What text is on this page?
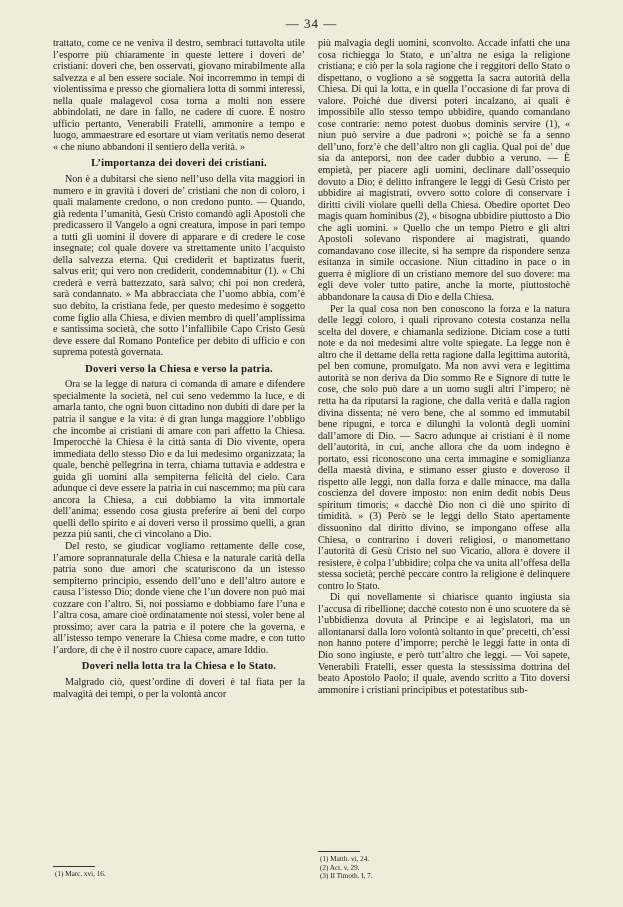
— 34 —

trattato, come ce ne veniva il destro, sembraci tuttavolta utile l’esporre più chiaramente in queste lettere i doveri de’ cristiani: doveri che, ben osservati, giovano mirabilmente alla salvezza e al ben essere sociale. Noi incorremmo in tempi di violentissima e presso che giornaliera lotta di sommi interessi, nella quale malagevol cosa torna a molti non essere abbindolati, ne dare in fallo, ne cadere di cuore. È nostro ufficio pertanto, Venerabili Fratelli, ammonire a tempo e luogo, ammaestrare ed esortare ut viam veritatis nemo deserat « che niuno abbandoni il sentiero della verità. »

L’importanza dei doveri dei cristiani.

Non è a dubitarsi che sieno nell’uso della vita maggiori in numero e in gravità i doveri de’ cristiani che non di coloro, i quali malamente credono, o non credono punto. — Quando, già redenta l’umanità, Gesù Cristo comandò agli Apostoli che predicassero il Vangelo a ogni creatura, impose in pari tempo a tutti gli uomini il dovere di apparare e di credere le cose insegnate; col quale dovere va strettamente unito l’acquisto della salvezza eterna. Qui crediderit et baptizatus fuerit, salvus erit; qui vero non crediderit, condemnabitur (1). « Chi crederà e verrà battezzato, sarà salvo; chi poi non crederà, sarà condannato. » Ma abbracciata che l’uomo abbia, com’è suo debito, la cristiana fede, per questo medesimo è soggetto come figlio alla Chiesa, e divien membro di quell’amplissima e santissima società, che sotto l’infallibile Capo Cristo Gesù deve essere dal Romano Pontefice per debito di ufficio e con suprema potestà governata.

Doveri verso la Chiesa e verso la patria.

Ora se la legge di natura ci comanda di amare e difendere specialmente la società, nel cui seno vedemmo la luce, e di amarla tanto, che ogni buon cittadino non dubiti di dare per la patria il sangue e la vita: è di gran lunga maggiore l’obbligo che incombe ai cristiani di amare con pari affetto la Chiesa. Imperocchè la Chiesa è la città santa di Dio vivente, opera immediata dello stesso Dio e da lui medesimo organizzata; la quale, benchè pellegrina in terra, chiama tuttavia e addestra e guida gli uomini alla sempiterna felicità del cielo. Cara adunque ci deve essere la patria in cui nascemmo; ma più cara ancora la Chiesa, a cui dobbiamo la vita immortale dell’anima; essendo cosa giusta preferire ai beni del corpo quelli dello spirito e ai doveri verso il prossimo quelli, a gran pezza più santi, che ci vincolano a Dio.

Del resto, se giudicar vogliamo rettamente delle cose, l’amore soprannaturale della Chiesa e la naturale carità della patria sono due amori che scaturiscono da un istesso sempiterno principio, essendo dell’uno e dell’altro autore e causa l’istesso Dio; donde viene che l’un dovere non può mai cozzare con l’altro. Sì, noi possiamo e dobbiamo fare l’una e l’altra cosa, amare cioè ordinatamente noi stessi, voler bene al prossimo; aver cara la patria e il potere che la governa, e all’istesso tempo venerare la Chiesa come madre, e con tutto l’ardore, di che è il nostro cuore capace, amare Iddio.

Doveri nella lotta tra la Chiesa e lo Stato.

Malgrado ciò, quest’ordine di doveri è tal fiata per la malvagità dei tempi, o per la volontà ancor

più malvagia degli uomini, sconvolto. Accade infatti che una cosa richiegga lo Stato, e un’altra ne esiga la religione cristiana; e ciò per la sola ragione che i reggitori dello Stato o dispettano, o vogliono a sè soggetta la sacra autorità della Chiesa. Di qui la lotta, e in quella l’occasione di far prova di valore. Poichè due diversi poteri incalzano, ai quali è impossibile allo stesso tempo ubbidire, quando comandano cose contrarie: nemo potest duobus dominis servire (1), « niun può servire a due padroni »; poichè se fa a senno dell’uno, forz’è che dell’altro non gli caglia. Qual poi de’ due sia da anteporsi, non dee cader dubbio a veruno. — È empietà, per piacere agli uomini, declinare dall’ossequio dovuto a Dio; è delitto infrangere le leggi di Gesù Cristo per ubbidire ai magistrati, ovvero sotto colore di conservare i diritti civili violare quelli della Chiesa. Obedire oportet Deo magis quam hominibus (2), « bisogna ubbidire piuttosto a Dio che agli uomini. » Quello che un tempo Pietro e gli altri Apostoli solevano rispondere ai magistrati, quando comandavano cose illecite, si ha sempre da rispondere senza esitanza in simile occasione. Niun cittadino in pace o in guerra è migliore di un cristiano memore del suo dovere: ma egli deve voler tutto patire, anche la morte, piuttostochè abbandonare la causa di Dio e della Chiesa.

Per la qual cosa non ben conoscono la forza e la natura delle leggi coloro, i quali riprovano cotesta costanza nella scelta del dovere, e chiamanla sedizione. Diciam cose a tutti note e da noi medesimi altre volte spiegate. La legge non è altro che il dettame della retta ragione dalla legittima autorità, pel ben comune, promulgato. Ma non avvi vera e legittima autorità se non deriva da Dio sommo Re e Signore di tutte le cose, che solo può dare a un uomo sugli altri l’impero; nè retta ha da riputarsi la ragione, che dalla verità e dalla ragion divina dissenta; nè vero bene, che al sommo ed immutabil bene ripugni, e torca e dilunghi la volontà degli uomini dall’amore di Dio. — Sacro adunque ai cristiani è il nome dell’autorità, in cui, anche allora che da uom indegno è portato, essi riconoscono una certa immagine e somiglianza della maestà divina, e stimano esser giusto e doveroso il rispetto alle leggi, non dalla forza e dalle minacce, ma dalla coscienza del dovere imposto: non enim dedit nobis Deus spiritum timoris; « dacchè Dio non ci diè uno spirito di timidità. » (3) Però se le leggi dello Stato apertamente dissuonino dal diritto divino, se impongano offese alla Chiesa, o contrarino i doveri religiosi, o manomettano l’autorità di Gesù Cristo nel suo Vicario, allora è dovere il resistere, è colpa l’ubbidire; colpa che va unita all’offesa della stessa società; perchè peccare contro la religione è delinquere contro lo Stato.

Di qui novellamente si chiarisce quanto ingiusta sia l’accusa di ribellione; dacchè cotesto non è uno scuotere da sè l’ubbidienza dovuta al Principe e ai legislatori, ma un allontanarsi dalla loro volontà soltanto in que’ precetti, ch’essi non hanno potere d’imporre; perchè le leggi fatte in onta di Dio sono ingiuste, e però tutt’altro che leggi. — Voi sapete, Venerabili Fratelli, esser questa la stessissima dottrina del beato Apostolo Paolo; il quale, avendo scritto a Tito doversi ammonire i cristiani principibus et potestatibus sub-

(1) Marc. xvi, 16.
(1) Matth. vi, 24.
(2) Act. v, 29.
(3) II Timoth. I, 7.
